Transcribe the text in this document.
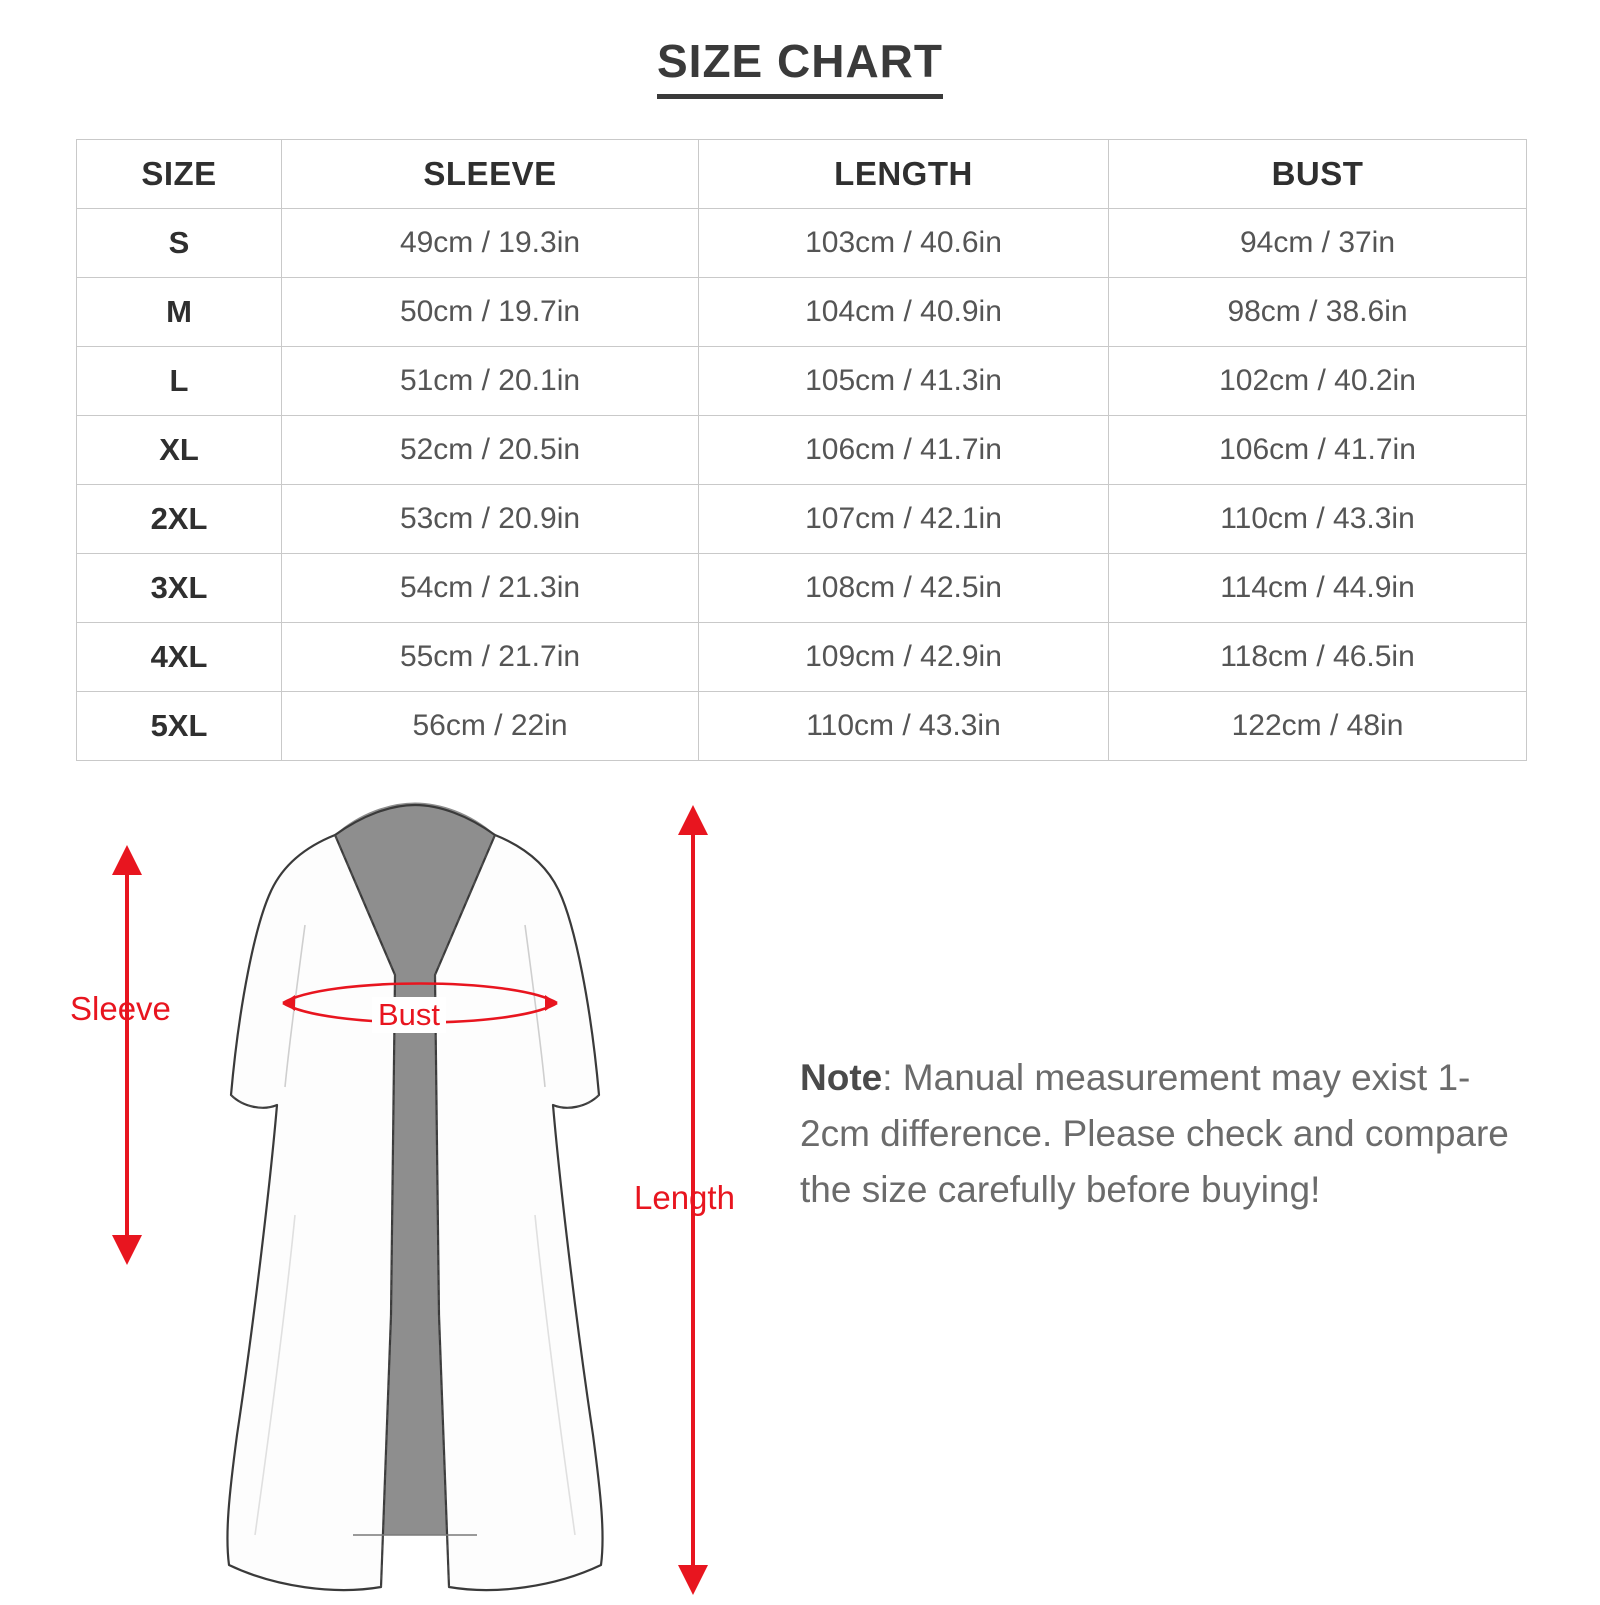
SIZE CHART
SIZE	SLEEVE	LENGTH	BUST
S	49cm / 19.3in	103cm / 40.6in	94cm / 37in
M	50cm / 19.7in	104cm / 40.9in	98cm / 38.6in
L	51cm / 20.1in	105cm / 41.3in	102cm / 40.2in
XL	52cm / 20.5in	106cm / 41.7in	106cm / 41.7in
2XL	53cm / 20.9in	107cm / 42.1in	110cm / 43.3in
3XL	54cm / 21.3in	108cm / 42.5in	114cm / 44.9in
4XL	55cm / 21.7in	109cm / 42.9in	118cm / 46.5in
5XL	56cm / 22in	110cm / 43.3in	122cm / 48in
Sleeve
Length
Bust
Note: Manual measurement may exist 1-2cm difference. Please check and compare the size carefully before buying!
